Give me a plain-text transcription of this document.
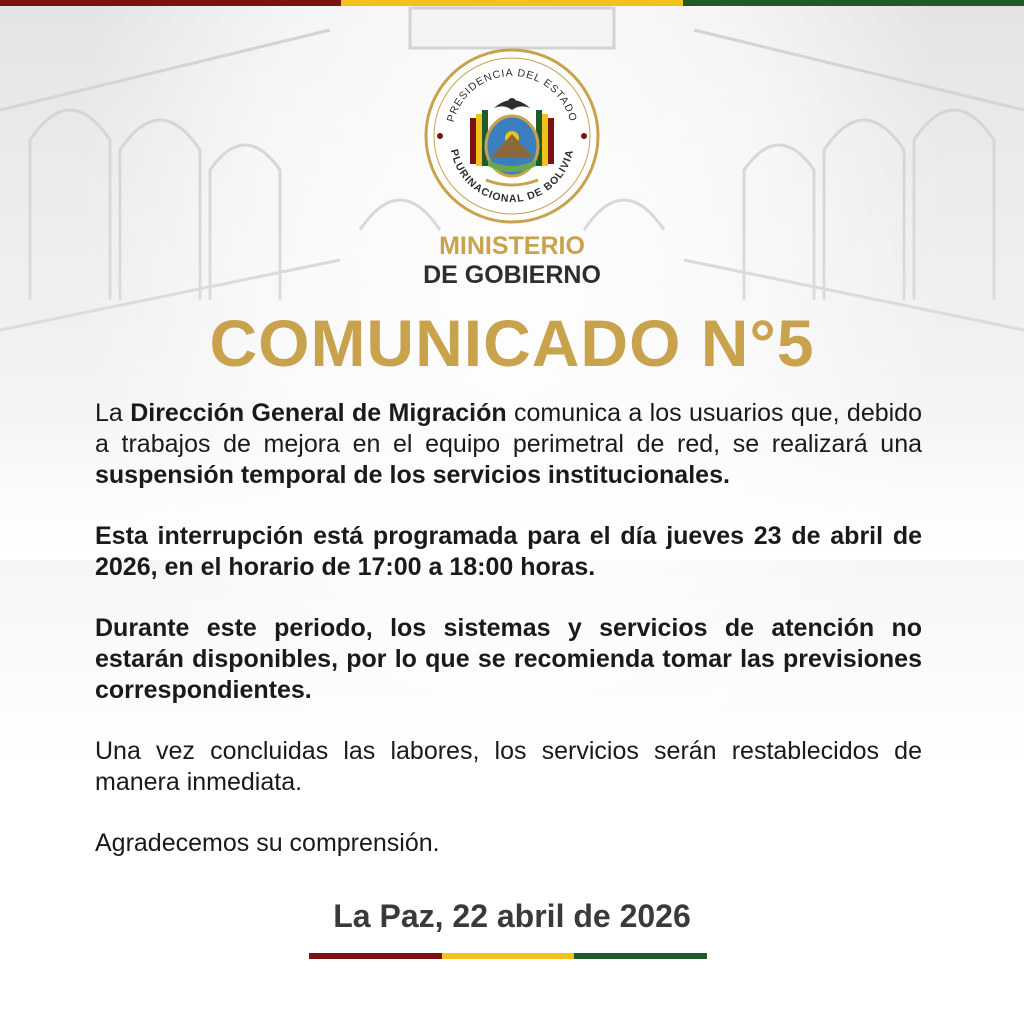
PRESIDENCIA DEL ESTADO
PLURINACIONAL DE BOLIVIA
MINISTERIO
DE GOBIERNO
COMUNICADO N°5

La Dirección General de Migración comunica a los usuarios que, debido a trabajos de mejora en el equipo perimetral de red, se realizará una suspensión temporal de los servicios institucionales.

Esta interrupción está programada para el día jueves 23 de abril de 2026, en el horario de 17:00 a 18:00 horas.

Durante este periodo, los sistemas y servicios de atención no estarán disponibles, por lo que se recomienda tomar las previsiones correspondientes.

Una vez concluidas las labores, los servicios serán restablecidos de manera inmediata.

Agradecemos su comprensión.

La Paz, 22 abril de 2026
